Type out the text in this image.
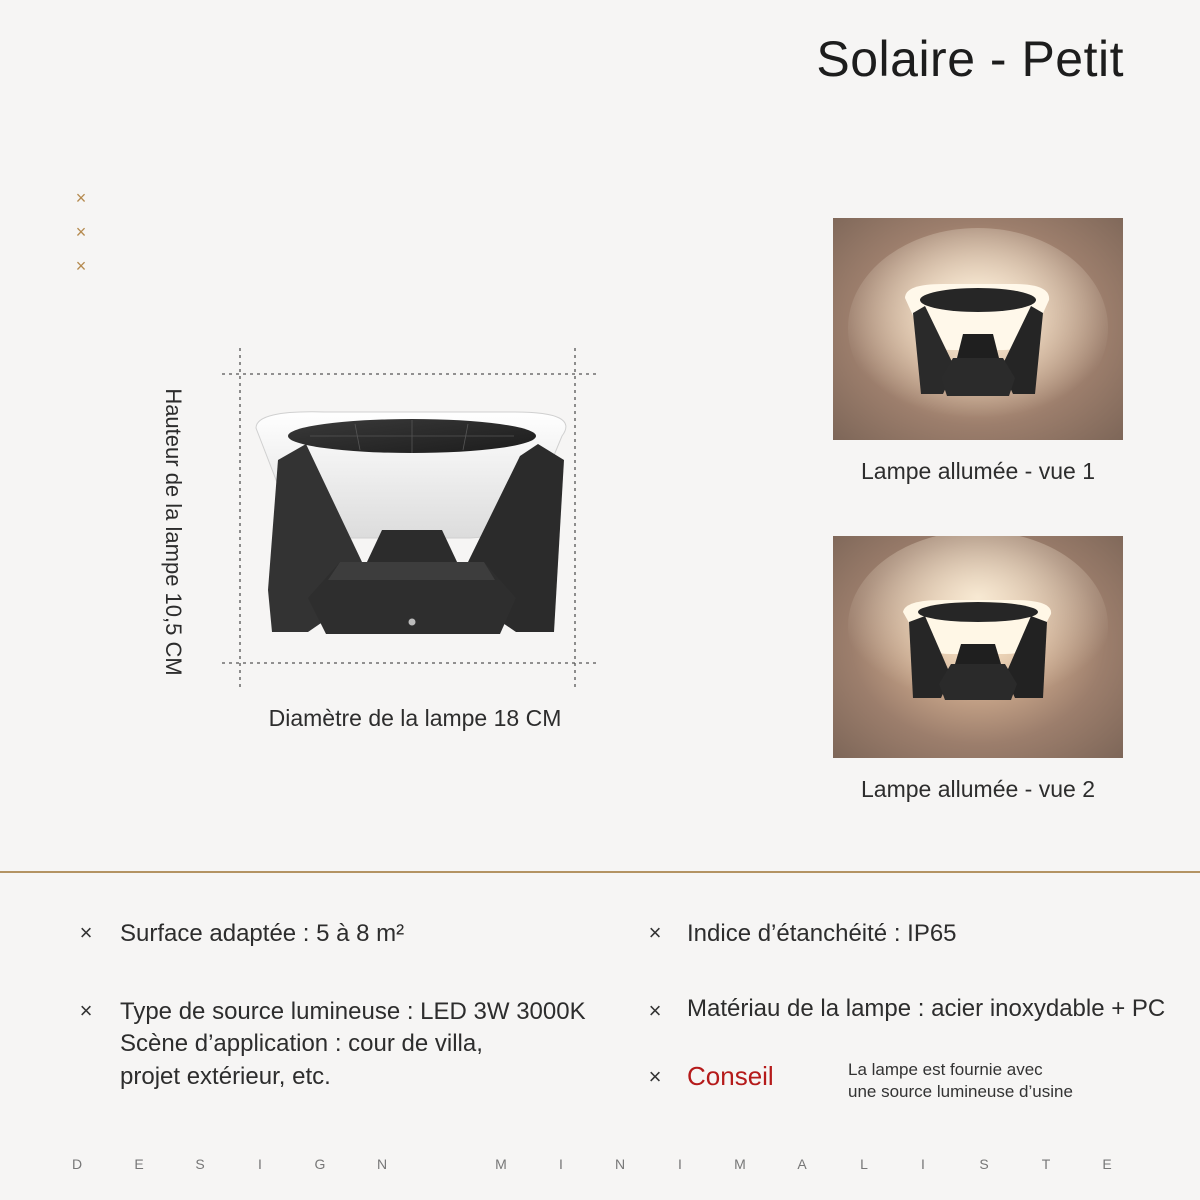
Solaire - Petit
×
×
×
Hauteur de la lampe 10,5 CM
Diamètre de la lampe 18 CM
Lampe allumée - vue 1
Lampe allumée - vue 2
× Surface adaptée : 5 à 8 m²
× Type de source lumineuse : LED 3W 3000K
Scène d’application : cour de villa,
projet extérieur, etc.
× Indice d’étanchéité : IP65
× Matériau de la lampe : acier inoxydable + PC
× Conseil	La lampe est fournie avec
une source lumineuse d’usine
D	E	S	I	G	N	M	I	N	I	M	A	L	I	S	T	E
